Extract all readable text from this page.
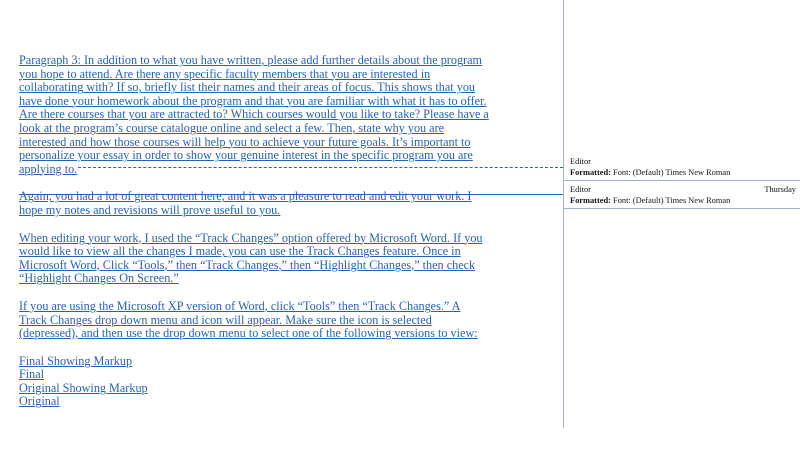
Paragraph 3: In addition to what you have written, please add further details about the program you hope to attend. Are there any specific faculty members that you are interested in collaborating with? If so, briefly list their names and their areas of focus. This shows that you have done your homework about the program and that you are familiar with what it has to offer. Are there courses that you are attracted to? Which courses would you like to take? Please have a look at the program’s course catalogue online and select a few. Then, state why you are interested and how those courses will help you to achieve your future goals. It’s important to personalize your essay in order to show your genuine interest in the specific program you are applying to.

Again, you had a lot of great content here, and it was a pleasure to read and edit your work. I hope my notes and revisions will prove useful to you.

When editing your work, I used the “Track Changes” option offered by Microsoft Word. If you would like to view all the changes I made, you can use the Track Changes feature. Once in Microsoft Word, Click “Tools,” then “Track Changes,” then “Highlight Changes,” then check “Highlight Changes On Screen.”

If you are using the Microsoft XP version of Word, click “Tools” then “Track Changes.” A Track Changes drop down menu and icon will appear. Make sure the icon is selected (depressed), and then use the drop down menu to select one of the following versions to view:

Final Showing Markup

Final

Original Showing Markup

Original

Editor
Formatted: Font: (Default) Times New Roman
Editor	Thursday
Formatted: Font: (Default) Times New Roman
